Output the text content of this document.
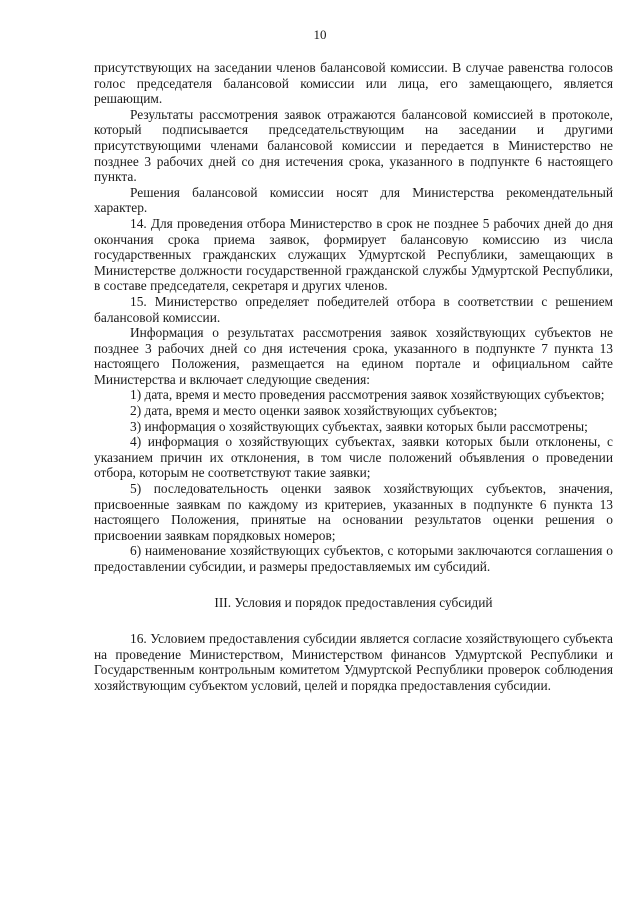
10

присутствующих на заседании членов балансовой комиссии. В случае равенства голосов голос председателя балансовой комиссии или лица, его замещающего, является решающим.

Результаты рассмотрения заявок отражаются балансовой комиссией в протоколе, который подписывается председательствующим на заседании и другими присутствующими членами балансовой комиссии и передается в Министерство не позднее 3 рабочих дней со дня истечения срока, указанного в подпункте 6 настоящего пункта.

Решения балансовой комиссии носят для Министерства рекомендательный характер.

14. Для проведения отбора Министерство в срок не позднее 5 рабочих дней до дня окончания срока приема заявок, формирует балансовую комиссию из числа государственных гражданских служащих Удмуртской Республики, замещающих в Министерстве должности государственной гражданской службы Удмуртской Республики, в составе председателя, секретаря и других членов.

15. Министерство определяет победителей отбора в соответствии с решением балансовой комиссии.

Информация о результатах рассмотрения заявок хозяйствующих субъектов не позднее 3 рабочих дней со дня истечения срока, указанного в подпункте 7 пункта 13 настоящего Положения, размещается на едином портале и официальном сайте Министерства и включает следующие сведения:

1) дата, время и место проведения рассмотрения заявок хозяйствующих субъектов;

2) дата, время и место оценки заявок хозяйствующих субъектов;

3) информация о хозяйствующих субъектах, заявки которых были рассмотрены;

4) информация о хозяйствующих субъектах, заявки которых были отклонены, с указанием причин их отклонения, в том числе положений объявления о проведении отбора, которым не соответствуют такие заявки;

5) последовательность оценки заявок хозяйствующих субъектов, значения, присвоенные заявкам по каждому из критериев, указанных в подпункте 6 пункта 13 настоящего Положения, принятые на основании результатов оценки решения о присвоении заявкам порядковых номеров;

6) наименование хозяйствующих субъектов, с которыми заключаются соглашения о предоставлении субсидии, и размеры предоставляемых им субсидий.

III. Условия и порядок предоставления субсидий

16. Условием предоставления субсидии является согласие хозяйствующего субъекта на проведение Министерством, Министерством финансов Удмуртской Республики и Государственным контрольным комитетом Удмуртской Республики проверок соблюдения хозяйствующим субъектом условий, целей и порядка предоставления субсидии.
